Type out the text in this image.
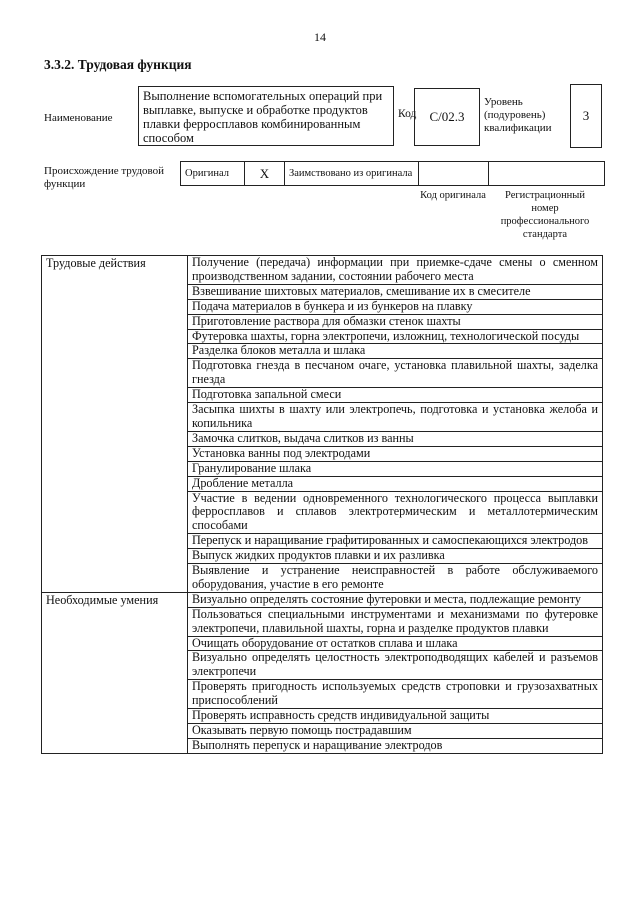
14
3.3.2. Трудовая функция
Наименование
Выполнение вспомогательных операций при выплавке, выпуске и обработке продуктов плавки ферросплавов комбинированным способом
Код	C/02.3
Уровень (подуровень) квалификации
3
Происхождение трудовой функции
Оригинал	X	Заимствовано из оригинала		
Код оригинала	Регистрационный номер профессионального стандарта
Трудовые действия	Получение (передача) информации при приемке-сдаче смены о сменном производственном задании, состоянии рабочего места
	Взвешивание шихтовых материалов, смешивание их в смесителе
	Подача материалов в бункера и из бункеров на плавку
	Приготовление раствора для обмазки стенок шахты
	Футеровка шахты, горна электропечи, изложниц, технологической посуды
	Разделка блоков металла и шлака
	Подготовка гнезда в песчаном очаге, установка плавильной шахты, заделка гнезда
	Подготовка запальной смеси
	Засыпка шихты в шахту или электропечь, подготовка и установка желоба и копильника
	Замочка слитков, выдача слитков из ванны
	Установка ванны под электродами
	Гранулирование шлака
	Дробление металла
	Участие в ведении одновременного технологического процесса выплавки ферросплавов и сплавов электротермическим и металлотермическим способами
	Перепуск и наращивание графитированных и самоспекающихся электродов
	Выпуск жидких продуктов плавки и их разливка
	Выявление и устранение неисправностей в работе обслуживаемого оборудования, участие в его ремонте
Необходимые умения	Визуально определять состояние футеровки и места, подлежащие ремонту
	Пользоваться специальными инструментами и механизмами по футеровке электропечи, плавильной шахты, горна и разделке продуктов плавки
	Очищать оборудование от остатков сплава и шлака
	Визуально определять целостность электроподводящих кабелей и разъемов электропечи
	Проверять пригодность используемых средств строповки и грузозахватных приспособлений
	Проверять исправность средств индивидуальной защиты
	Оказывать первую помощь пострадавшим
	Выполнять перепуск и наращивание электродов
